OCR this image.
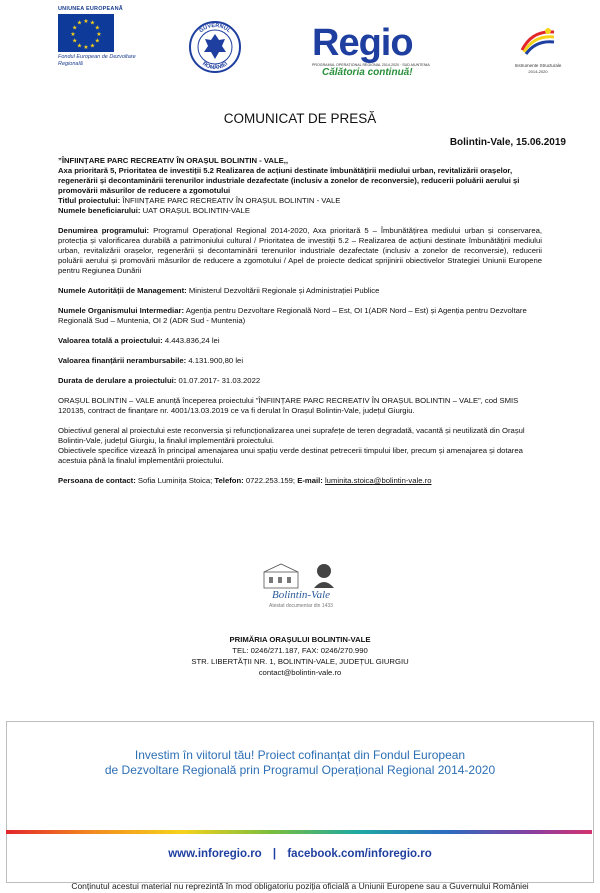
UNIUNEA EUROPEANĂ
★ ★
★
★
★
★
★
★
★
★
★
★
Fondul European de Dezvoltare Regională
GUVERNUL
ROMÂNIEI Regio
PROGRAMUL OPERAȚIONAL REGIONAL 2014-2020 · SUD-MUNTENIA
Călătoria continuă!
Instrumente Structurale
2014-2020
COMUNICAT DE PRESĂ
Bolintin-Vale, 15.06.2019

”ÎNFIINȚARE PARC RECREATIV ÎN ORAȘUL BOLINTIN - VALE,,

Axa prioritară 5, Prioritatea de investiții 5.2 Realizarea de acțiuni destinate îmbunătățirii mediului urban, revitalizării orașelor, regenerării și decontaminării terenurilor industriale dezafectate (inclusiv a zonelor de reconversie), reducerii poluării aerului și promovării măsurilor de reducere a zgomotului

Titlul proiectului: ÎNFIINȚARE PARC RECREATIV ÎN ORAȘUL BOLINTIN - VALE

Numele beneficiarului: UAT ORAȘUL BOLINTIN-VALE

Denumirea programului: Programul Operațional Regional 2014-2020, Axa prioritară 5 – Îmbunătățirea mediului urban și conservarea, protecția și valorificarea durabilă a patrimoniului cultural / Prioritatea de investiții 5.2 – Realizarea de acțiuni destinate îmbunătățirii mediului urban, revitalizării orașelor, regenerării și decontaminării terenurilor industriale dezafectate (inclusiv a zonelor de reconversie), reducerii poluării aerului și promovării măsurilor de reducere a zgomotului / Apel de proiecte dedicat sprijinirii obiectivelor Strategiei Uniunii Europene pentru Regiunea Dunării

Numele Autorității de Management: Ministerul Dezvoltării Regionale și Administrației Publice

Numele Organismului Intermediar: Agenția pentru Dezvoltare Regională Nord – Est, OI 1(ADR Nord – Est) și Agenția pentru Dezvoltare Regională Sud – Muntenia, OI 2 (ADR Sud - Muntenia)

Valoarea totală a proiectului: 4.443.836,24 lei

Valoarea finanțării nerambursabile: 4.131.900,80 lei

Durata de derulare a proiectului: 01.07.2017- 31.03.2022

ORAȘUL BOLINTIN – VALE anunță începerea proiectului ”ÎNFIINȚARE PARC RECREATIV ÎN ORAȘUL BOLINTIN – VALE”, cod SMIS 120135, contract de finanțare nr. 4001/13.03.2019 ce va fi derulat în Orașul Bolintin-Vale, județul Giurgiu.

Obiectivul general al proiectului este reconversia și refuncționalizarea unei suprafețe de teren degradată, vacantă și neutilizată din Orașul Bolintin-Vale, județul Giurgiu, la finalul implementării proiectului.

Obiectivele specifice vizează în principal amenajarea unui spațiu verde destinat petrecerii timpului liber, precum și amenajarea și dotarea acestuia până la finalul implementării proiectului.

Persoana de contact: Sofia Luminița Stoica; Telefon: 0722.253.159; E-mail: luminita.stoica@bolintin-vale.ro

Bolintin-Vale
Atestat documentar din 1433
PRIMĂRIA ORAȘULUI BOLINTIN-VALE
TEL: 0246/271.187, FAX: 0246/270.990
STR. LIBERTĂȚII NR. 1, BOLINTIN-VALE, JUDEȚUL GIURGIU
contact@bolintin-vale.ro
Investim în viitorul tău! Proiect cofinanțat din Fondul European
de Dezvoltare Regională prin Programul Operațional Regional 2014-2020
www.inforegio.ro | facebook.com/inforegio.ro
Conținutul acestui material nu reprezintă în mod obligatoriu poziția oficială a Uniunii Europene sau a Guvernului României
